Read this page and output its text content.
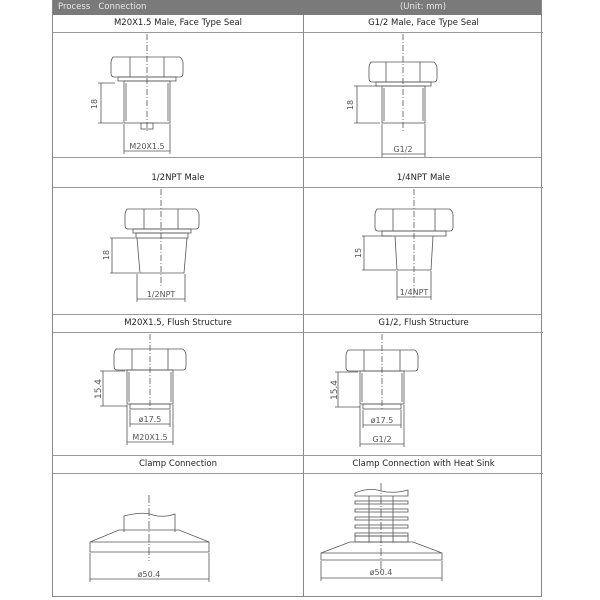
Process   Connection	(Unit: mm)
M20X1.5 Male, Face Type Seal
18
M20X1.5
G1/2 Male, Face Type Seal
18
G1/2
1/2NPT Male
18
1/2NPT
1/4NPT Male
15
1/4NPT
M20X1.5, Flush Structure
15.4
ø17.5
M20X1.5
G1/2, Flush Structure
15.4
ø17.5
G1/2
Clamp Connection
ø50.4
Clamp Connection with Heat Sink
ø50.4
